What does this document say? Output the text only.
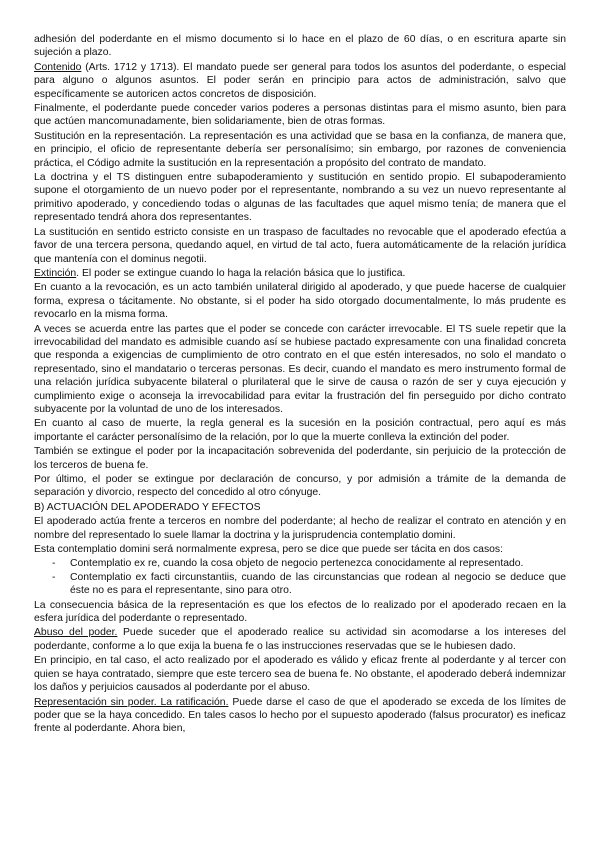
adhesión del poderdante en el mismo documento si lo hace en el plazo de 60 días, o en escritura aparte sin sujeción a plazo.

Contenido (Arts. 1712 y 1713). El mandato puede ser general para todos los asuntos del poderdante, o especial para alguno o algunos asuntos. El poder serán en principio para actos de administración, salvo que específicamente se autoricen actos concretos de disposición.

Finalmente, el poderdante puede conceder varios poderes a personas distintas para el mismo asunto, bien para que actúen mancomunadamente, bien solidariamente, bien de otras formas.

Sustitución en la representación. La representación es una actividad que se basa en la confianza, de manera que, en principio, el oficio de representante debería ser personalísimo; sin embargo, por razones de conveniencia práctica, el Código admite la sustitución en la representación a propósito del contrato de mandato.

La doctrina y el TS distinguen entre subapoderamiento y sustitución en sentido propio. El subapoderamiento supone el otorgamiento de un nuevo poder por el representante, nombrando a su vez un nuevo representante al primitivo apoderado, y concediendo todas o algunas de las facultades que aquel mismo tenía; de manera que el representado tendrá ahora dos representantes.

La sustitución en sentido estricto consiste en un traspaso de facultades no revocable que el apoderado efectúa a favor de una tercera persona, quedando aquel, en virtud de tal acto, fuera automáticamente de la relación jurídica que mantenía con el dominus negotii.

Extinción. El poder se extingue cuando lo haga la relación básica que lo justifica.

En cuanto a la revocación, es un acto también unilateral dirigido al apoderado, y que puede hacerse de cualquier forma, expresa o tácitamente. No obstante, si el poder ha sido otorgado documentalmente, lo más prudente es revocarlo en la misma forma.

A veces se acuerda entre las partes que el poder se concede con carácter irrevocable. El TS suele repetir que la irrevocabilidad del mandato es admisible cuando así se hubiese pactado expresamente con una finalidad concreta que responda a exigencias de cumplimiento de otro contrato en el que estén interesados, no solo el mandato o representado, sino el mandatario o terceras personas. Es decir, cuando el mandato es mero instrumento formal de una relación jurídica subyacente bilateral o plurilateral que le sirve de causa o razón de ser y cuya ejecución y cumplimiento exige o aconseja la irrevocabilidad para evitar la frustración del fin perseguido por dicho contrato subyacente por la voluntad de uno de los interesados.

En cuanto al caso de muerte, la regla general es la sucesión en la posición contractual, pero aquí es más importante el carácter personalísimo de la relación, por lo que la muerte conlleva la extinción del poder.

También se extingue el poder por la incapacitación sobrevenida del poderdante, sin perjuicio de la protección de los terceros de buena fe.

Por último, el poder se extingue por declaración de concurso, y por admisión a trámite de la demanda de separación y divorcio, respecto del concedido al otro cónyuge.

B) ACTUACIÓN DEL APODERADO Y EFECTOS

El apoderado actúa frente a terceros en nombre del poderdante; al hecho de realizar el contrato en atención y en nombre del representado lo suele llamar la doctrina y la jurisprudencia contemplatio domini.

Esta contemplatio domini será normalmente expresa, pero se dice que puede ser tácita en dos casos:

- Contemplatio ex re, cuando la cosa objeto de negocio pertenezca conocidamente al representado.
- Contemplatio ex facti circunstantiis, cuando de las circunstancias que rodean al negocio se deduce que éste no es para el representante, sino para otro.

La consecuencia básica de la representación es que los efectos de lo realizado por el apoderado recaen en la esfera jurídica del poderdante o representado.

Abuso del poder. Puede suceder que el apoderado realice su actividad sin acomodarse a los intereses del poderdante, conforme a lo que exija la buena fe o las instrucciones reservadas que se le hubiesen dado.

En principio, en tal caso, el acto realizado por el apoderado es válido y eficaz frente al poderdante y al tercer con quien se haya contratado, siempre que este tercero sea de buena fe. No obstante, el apoderado deberá indemnizar los daños y perjuicios causados al poderdante por el abuso.

Representación sin poder. La ratificación. Puede darse el caso de que el apoderado se exceda de los límites de poder que se la haya concedido. En tales casos lo hecho por el supuesto apoderado (falsus procurator) es ineficaz frente al poderdante. Ahora bien,
